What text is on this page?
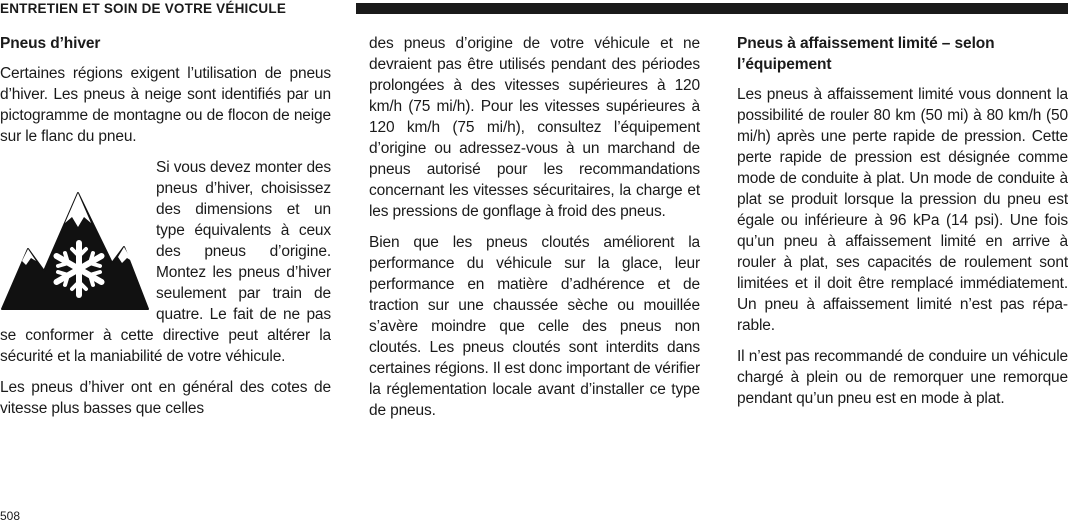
ENTRETIEN ET SOIN DE VOTRE VÉHICULE
Pneus d’hiver

Certaines régions exigent l’utilisation de pneus d’hiver. Les pneus à neige sont identifiés par un pictogramme de montagne ou de flocon de neige sur le flanc du pneu.

Si vous devez monter des pneus d’hiver, choisissez des dimensions et un type équivalents à ceux des pneus d’origine. Montez les pneus d’hiver seulement par train de quatre. Le fait de ne pas se conformer à cette directive peut altérer la sécurité et la maniabilité de votre véhicule.

Les pneus d’hiver ont en général des cotes de vitesse plus basses que celles

des pneus d’origine de votre véhicule et ne devraient pas être utilisés pendant des périodes prolongées à des vitesses supérieures à 120 km/h (75 mi/h). Pour les vitesses supérieures à 120 km/h (75 mi/h), consultez l’équipement d’origine ou adressez-vous à un marchand de pneus autorisé pour les recommandations concernant les vitesses sécuritaires, la charge et les pressions de gonflage à froid des pneus.

Bien que les pneus cloutés améliorent la performance du véhicule sur la glace, leur performance en matière d’adhérence et de traction sur une chaussée sèche ou mouillée s’avère moindre que celle des pneus non cloutés. Les pneus cloutés sont interdits dans certaines régions. Il est donc important de vérifier la réglementation locale avant d’installer ce type de pneus.

Pneus à affaissement limité – selon l’équipement

Les pneus à affaissement limité vous donnent la possibilité de rouler 80 km (50 mi) à 80 km/h (50 mi/h) après une perte rapide de pression. Cette perte rapide de pression est désignée comme mode de conduite à plat. Un mode de conduite à plat se produit lorsque la pression du pneu est égale ou inférieure à 96 kPa (14 psi). Une fois qu’un pneu à affaissement limité en arrive à rouler à plat, ses capacités de roulement sont limitées et il doit être remplacé immédiatement. Un pneu à affaissement limité n’est pas réparable.

Il n’est pas recommandé de conduire un véhicule chargé à plein ou de remorquer une remorque pendant qu’un pneu est en mode à plat.

508
